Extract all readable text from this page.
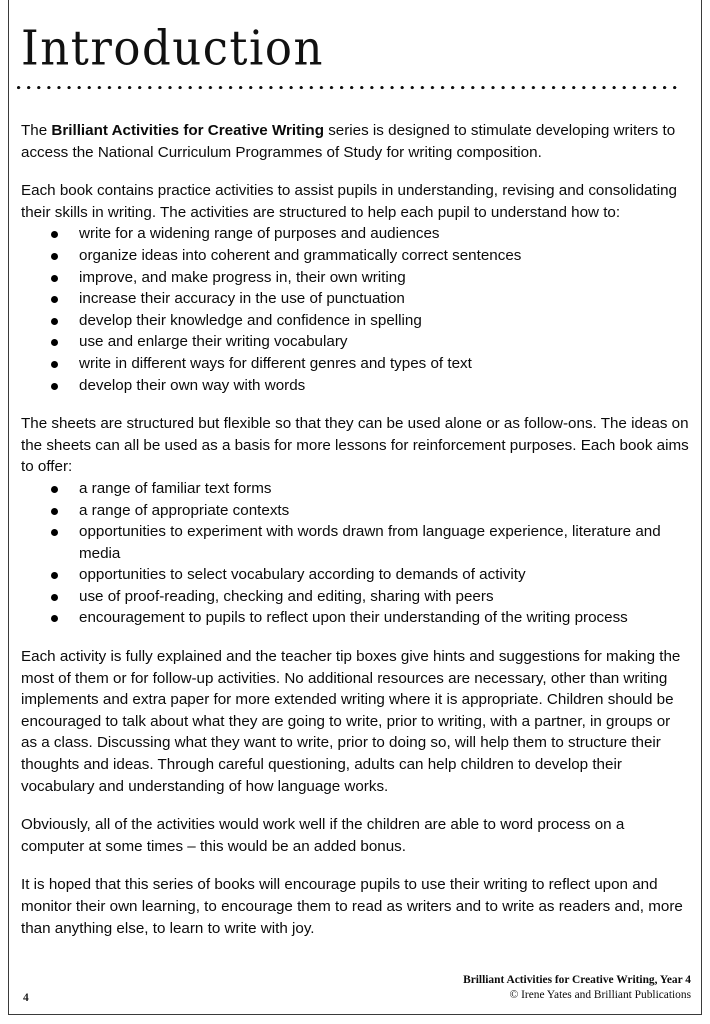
Introduction

The Brilliant Activities for Creative Writing series is designed to stimulate developing writers to access the National Curriculum Programmes of Study for writing composition.

Each book contains practice activities to assist pupils in understanding, revising and consolidating their skills in writing. The activities are structured to help each pupil to understand how to:

write for a widening range of purposes and audiences
organize ideas into coherent and grammatically correct sentences
improve, and make progress in, their own writing
increase their accuracy in the use of punctuation
develop their knowledge and confidence in spelling
use and enlarge their writing vocabulary
write in different ways for different genres and types of text
develop their own way with words

The sheets are structured but flexible so that they can be used alone or as follow-ons. The ideas on the sheets can all be used as a basis for more lessons for reinforcement purposes. Each book aims to offer:

a range of familiar text forms
a range of appropriate contexts
opportunities to experiment with words drawn from language experience, literature and media
opportunities to select vocabulary according to demands of activity
use of proof-reading, checking and editing, sharing with peers
encouragement to pupils to reflect upon their understanding of the writing process

Each activity is fully explained and the teacher tip boxes give hints and suggestions for making the most of them or for follow-up activities. No additional resources are necessary, other than writing implements and extra paper for more extended writing where it is appropriate. Children should be encouraged to talk about what they are going to write, prior to writing, with a partner, in groups or as a class. Discussing what they want to write, prior to doing so, will help them to structure their thoughts and ideas. Through careful questioning, adults can help children to develop their vocabulary and understanding of how language works.

Obviously, all of the activities would work well if the children are able to word process on a computer at some times – this would be an added bonus.

It is hoped that this series of books will encourage pupils to use their writing to reflect upon and monitor their own learning, to encourage them to read as writers and to write as readers and, more than anything else, to learn to write with joy.

4
Brilliant Activities for Creative Writing, Year 4
© Irene Yates and Brilliant Publications
